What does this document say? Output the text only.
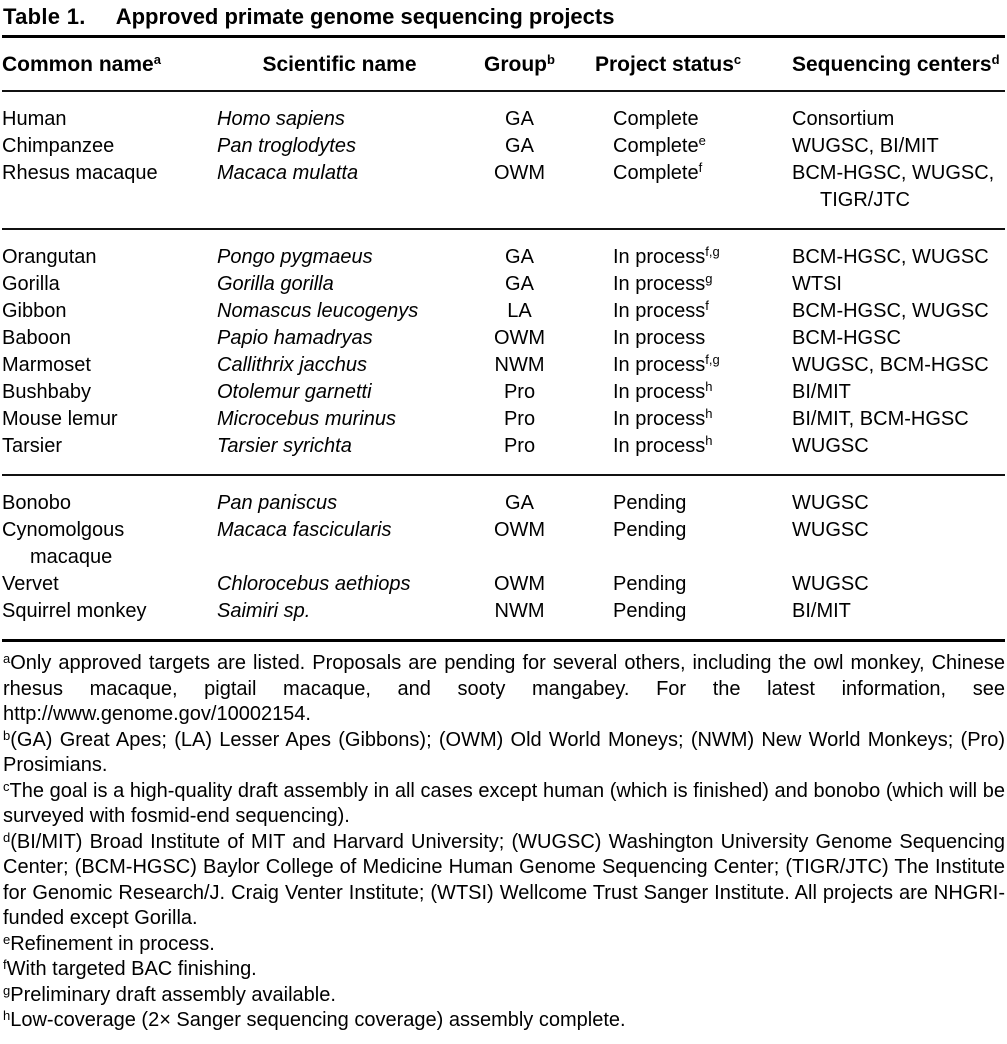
Table 1. Approved primate genome sequencing projects
Common name$^a$	Scientific name	Group$^b$	Project status$^c$	Sequencing centers$^d$
Human	Homo sapiens	GA	Complete	Consortium

Chimpanzee	Pan troglodytes	GA	Complete$^e$	WUGSC, BI/MIT

Rhesus macaque	Macaca mulatta	OWM	Complete$^f$	BCM-HGSC, WUGSC,
TIGR/JTC
Orangutan	Pongo pygmaeus	GA	In process$^{f,g}$	BCM-HGSC, WUGSC

Gorilla	Gorilla gorilla	GA	In process$^g$	WTSI

Gibbon	Nomascus leucogenys	LA	In process$^f$	BCM-HGSC, WUGSC

Baboon	Papio hamadryas	OWM	In process	BCM-HGSC

Marmoset	Callithrix jacchus	NWM	In process$^{f,g}$	WUGSC, BCM-HGSC

Bushbaby	Otolemur garnetti	Pro	In process$^h$	BI/MIT

Mouse lemur	Microcebus murinus	Pro	In process$^h$	BI/MIT, BCM-HGSC

Tarsier	Tarsier syrichta	Pro	In process$^h$	WUGSC
Bonobo	Pan paniscus	GA	Pending	WUGSC

Cynomolgous
macaque	Macaca fascicularis	OWM	Pending	WUGSC

Vervet	Chlorocebus aethiops	OWM	Pending	WUGSC

Squirrel monkey	Saimiri sp.	NWM	Pending	BI/MIT

$^a$Only approved targets are listed. Proposals are pending for several others, including the owl monkey, Chinese rhesus macaque, pigtail macaque, and sooty mangabey. For the latest information, see http://www.genome.gov/10002154.

$^b$(GA) Great Apes; (LA) Lesser Apes (Gibbons); (OWM) Old World Moneys; (NWM) New World Monkeys; (Pro) Prosimians.

$^c$The goal is a high-quality draft assembly in all cases except human (which is finished) and bonobo (which will be surveyed with fosmid-end sequencing).

$^d$(BI/MIT) Broad Institute of MIT and Harvard University; (WUGSC) Washington University Genome Sequencing Center; (BCM-HGSC) Baylor College of Medicine Human Genome Sequencing Center; (TIGR/JTC) The Institute for Genomic Research/J. Craig Venter Institute; (WTSI) Wellcome Trust Sanger Institute. All projects are NHGRI-funded except Gorilla.

$^e$Refinement in process.

$^f$With targeted BAC finishing.

$^g$Preliminary draft assembly available.

$^h$Low-coverage (2× Sanger sequencing coverage) assembly complete.
